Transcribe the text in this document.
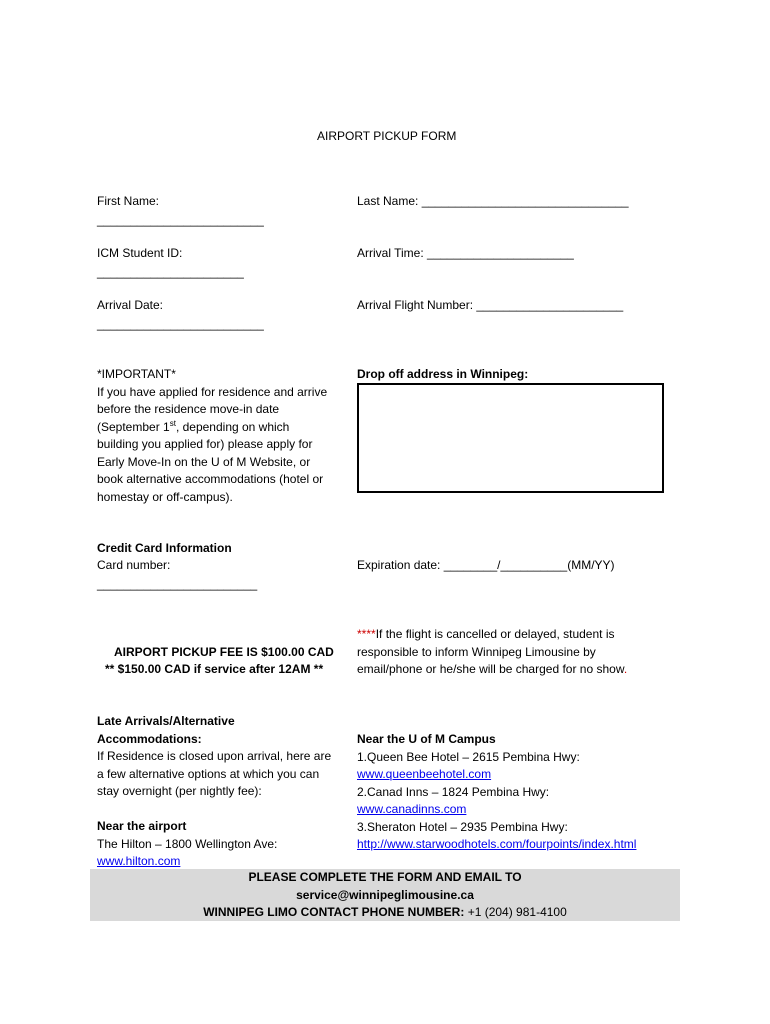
AIRPORT PICKUP FORM
First Name:
_________________________
Last Name: _______________________________
ICM Student ID:
______________________
Arrival Time: ______________________
Arrival Date:
_________________________
Arrival Flight Number: ______________________
*IMPORTANT*
If you have applied for residence and arrive
before the residence move-in date
(September 1st, depending on which
building you applied for) please apply for
Early Move-In on the U of M Website, or
book alternative accommodations (hotel or
homestay or off-campus).
Drop off address in Winnipeg:
Credit Card Information
Card number:
________________________
Expiration date: ________/__________(MM/YY)
AIRPORT PICKUP FEE IS $100.00 CAD
** $150.00 CAD if service after 12AM **
****If the flight is cancelled or delayed, student is
responsible to inform Winnipeg Limousine by
email/phone or he/she will be charged for no show.
Late Arrivals/Alternative
Accommodations:
If Residence is closed upon arrival, here are
a few alternative options at which you can
stay overnight (per nightly fee):
Near the airport
The Hilton – 1800 Wellington Ave:
www.hilton.com
Near the U of M Campus
1.Queen Bee Hotel – 2615 Pembina Hwy:
www.queenbeehotel.com
2.Canad Inns – 1824 Pembina Hwy:
www.canadinns.com
3.Sheraton Hotel – 2935 Pembina Hwy:
http://www.starwoodhotels.com/fourpoints/index.html
PLEASE COMPLETE THE FORM AND EMAIL TO
service@winnipeglimousine.ca
WINNIPEG LIMO CONTACT PHONE NUMBER: +1 (204) 981-4100
